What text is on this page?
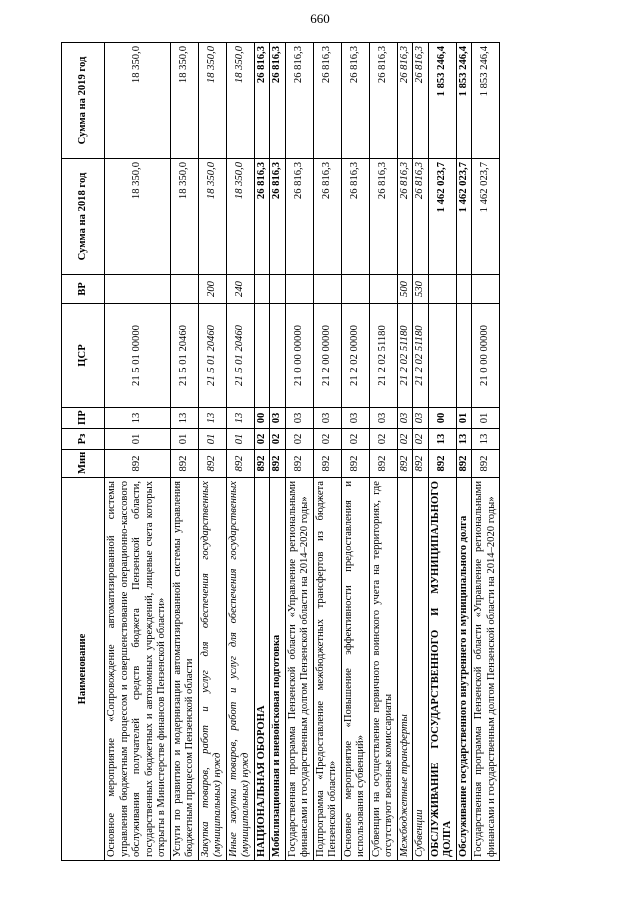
660
Наименование	Мин	Рз	ПР	ЦСР	ВР	Сумма на 2018 год	Сумма на 2019 год
Основное мероприятие «Сопровождение автоматизированной системы управления бюджетным процессом и совершенствование операционно-кассового обслуживания получателей средств бюджета Пензенской области, государственных бюджетных и автономных учреждений, лицевые счета которых открыты в Министерстве финансов Пензенской области»	892	01	13	21 5 01 00000		18 350,0	18 350,0
Услуги по развитию и модернизации автоматизированной системы управления бюджетным процессом Пензенской области	892	01	13	21 5 01 20460		18 350,0	18 350,0
Закупка товаров, работ и услуг для обеспечения государственных (муниципальных) нужд	892	01	13	21 5 01 20460	200	18 350,0	18 350,0
Иные закупки товаров, работ и услуг для обеспечения государственных (муниципальных) нужд	892	01	13	21 5 01 20460	240	18 350,0	18 350,0
НАЦИОНАЛЬНАЯ ОБОРОНА	892	02	00			26 816,3	26 816,3
Мобилизационная и вневойсковая подготовка	892	02	03			26 816,3	26 816,3
Государственная программа Пензенской области «Управление региональными финансами и государственным долгом Пензенской области на 2014–2020 годы»	892	02	03	21 0 00 00000		26 816,3	26 816,3
Подпрограмма «Предоставление межбюджетных трансфертов из бюджета Пензенской области»	892	02	03	21 2 00 00000		26 816,3	26 816,3
Основное мероприятие «Повышение эффективности предоставления и использования субвенций»	892	02	03	21 2 02 00000		26 816,3	26 816,3
Субвенции на осуществление первичного воинского учета на территориях, где отсутствуют военные комиссариаты	892	02	03	21 2 02 51180		26 816,3	26 816,3
Межбюджетные трансферты	892	02	03	21 2 02 51180	500	26 816,3	26 816,3
Субвенции	892	02	03	21 2 02 51180	530	26 816,3	26 816,3
ОБСЛУЖИВАНИЕ ГОСУДАРСТВЕННОГО И МУНИЦИПАЛЬНОГО ДОЛГА	892	13	00			1 462 023,7	1 853 246,4
Обслуживание государственного внутреннего и муниципального долга	892	13	01			1 462 023,7	1 853 246,4
Государственная программа Пензенской области «Управление региональными финансами и государственным долгом Пензенской области на 2014–2020 годы»	892	13	01	21 0 00 00000		1 462 023,7	1 853 246,4
